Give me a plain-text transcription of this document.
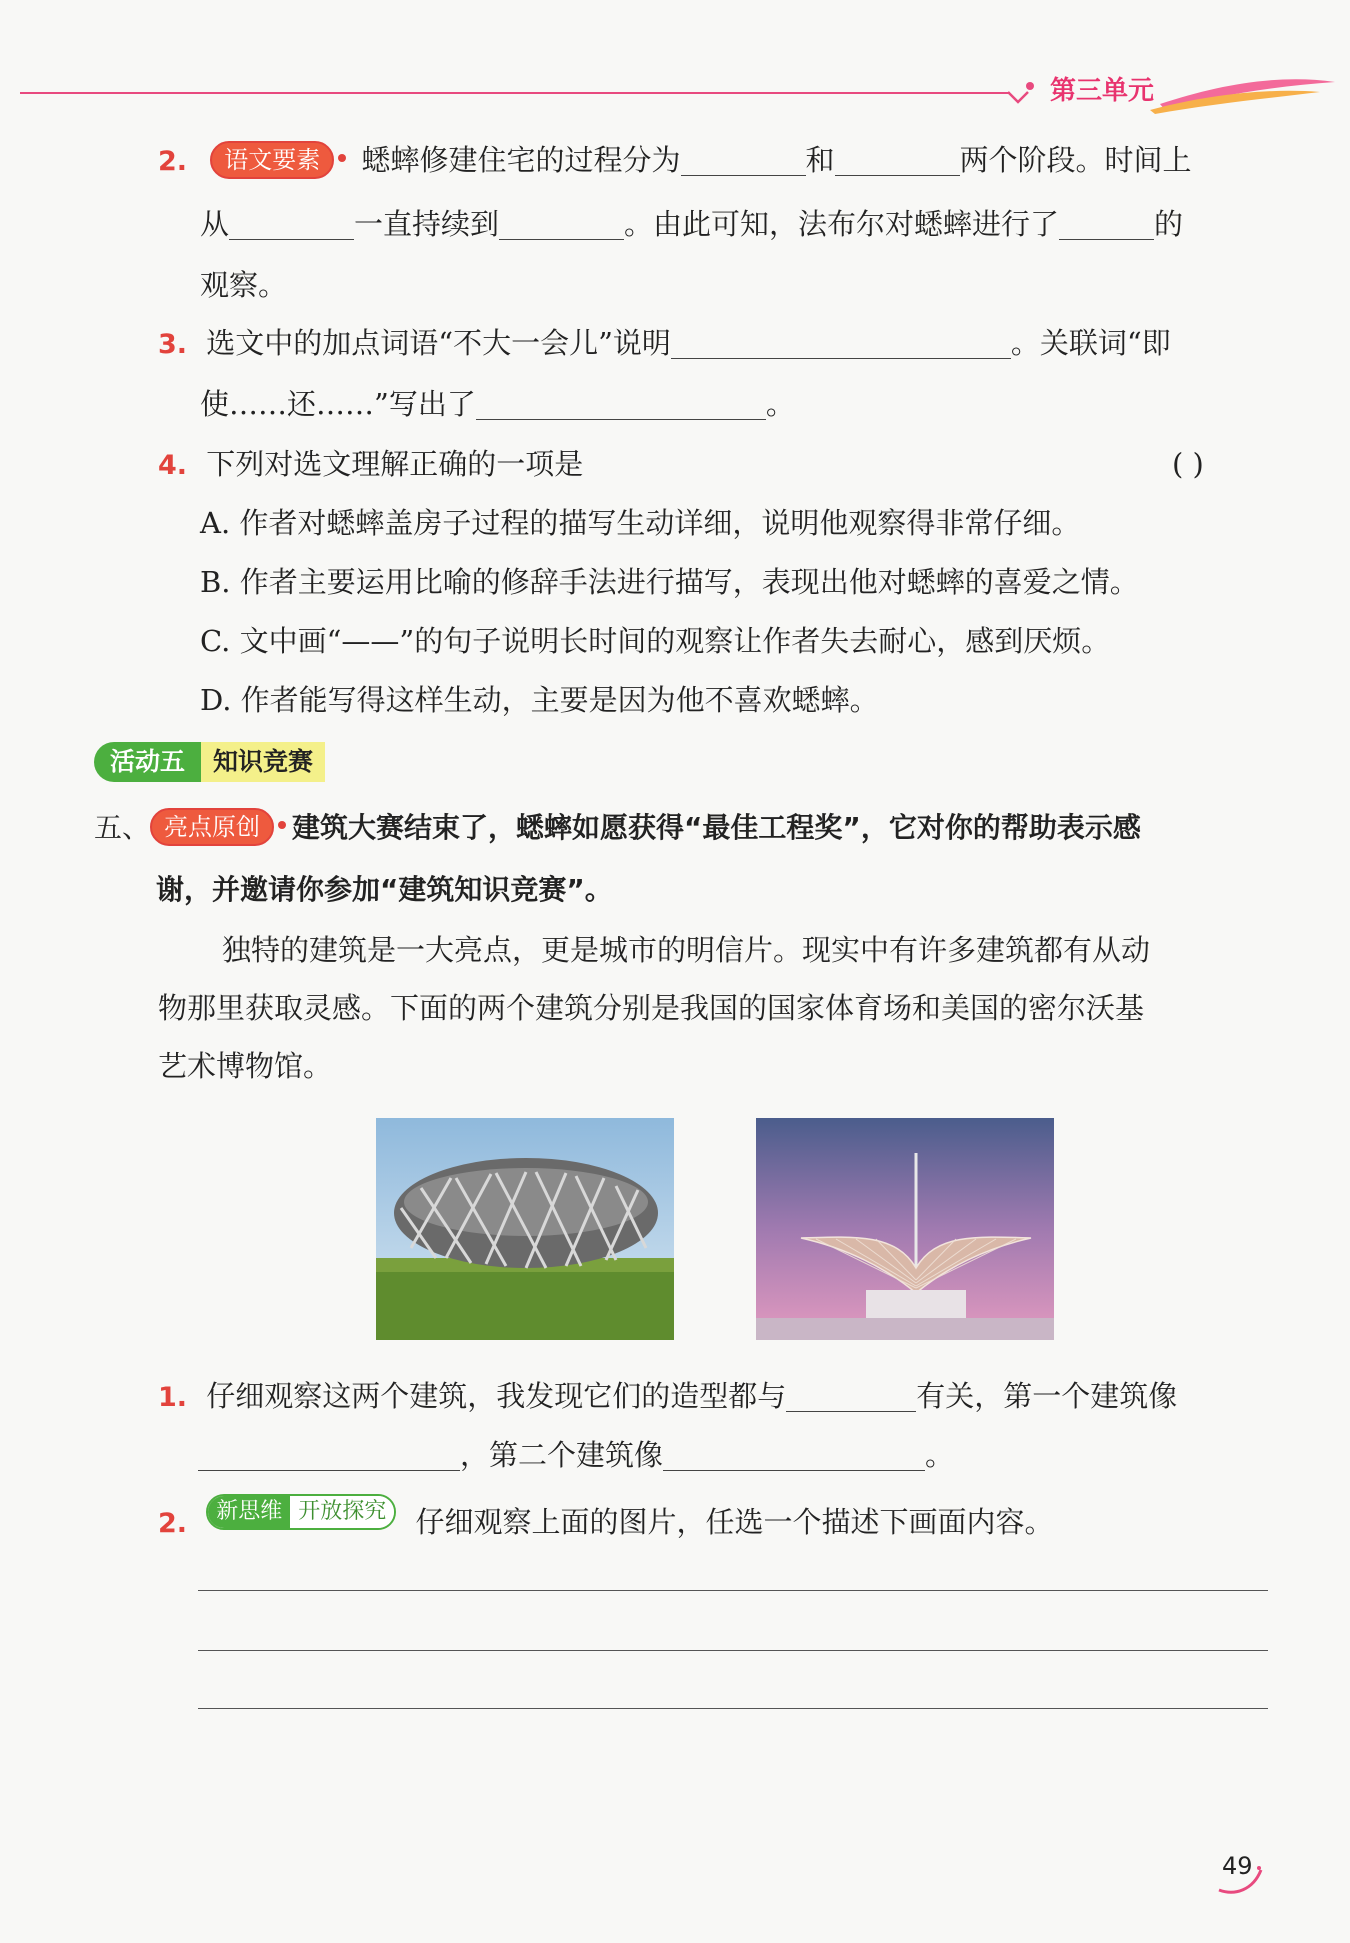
第三单元
2. 语文要素 蟋蟀修建住宅的过程分为	和	两个阶段。时间上
从	一直持续到	。由此可知，法布尔对蟋蟀进行了	的
观察。
3. 选文中的加点词语“不大一会儿”说明	。关联词“即
使……还……”写出了	。
4. 下列对选文理解正确的一项是	( )
A. 作者对蟋蟀盖房子过程的描写生动详细，说明他观察得非常仔细。
B. 作者主要运用比喻的修辞手法进行描写，表现出他对蟋蟀的喜爱之情。
C. 文中画“——”的句子说明长时间的观察让作者失去耐心，感到厌烦。
D. 作者能写得这样生动，主要是因为他不喜欢蟋蟀。
活动五	知识竞赛
五、 亮点原创 建筑大赛结束了，蟋蟀如愿获得“最佳工程奖”，它对你的帮助表示感
谢，并邀请你参加“建筑知识竞赛”。
独特的建筑是一大亮点，更是城市的明信片。现实中有许多建筑都有从动
物那里获取灵感。下面的两个建筑分别是我国的国家体育场和美国的密尔沃基
艺术博物馆。
1. 仔细观察这两个建筑，我发现它们的造型都与	有关，第一个建筑像
，第二个建筑像	。
2. 新思维 开放探究 仔细观察上面的图片，任选一个描述下画面内容。
49
